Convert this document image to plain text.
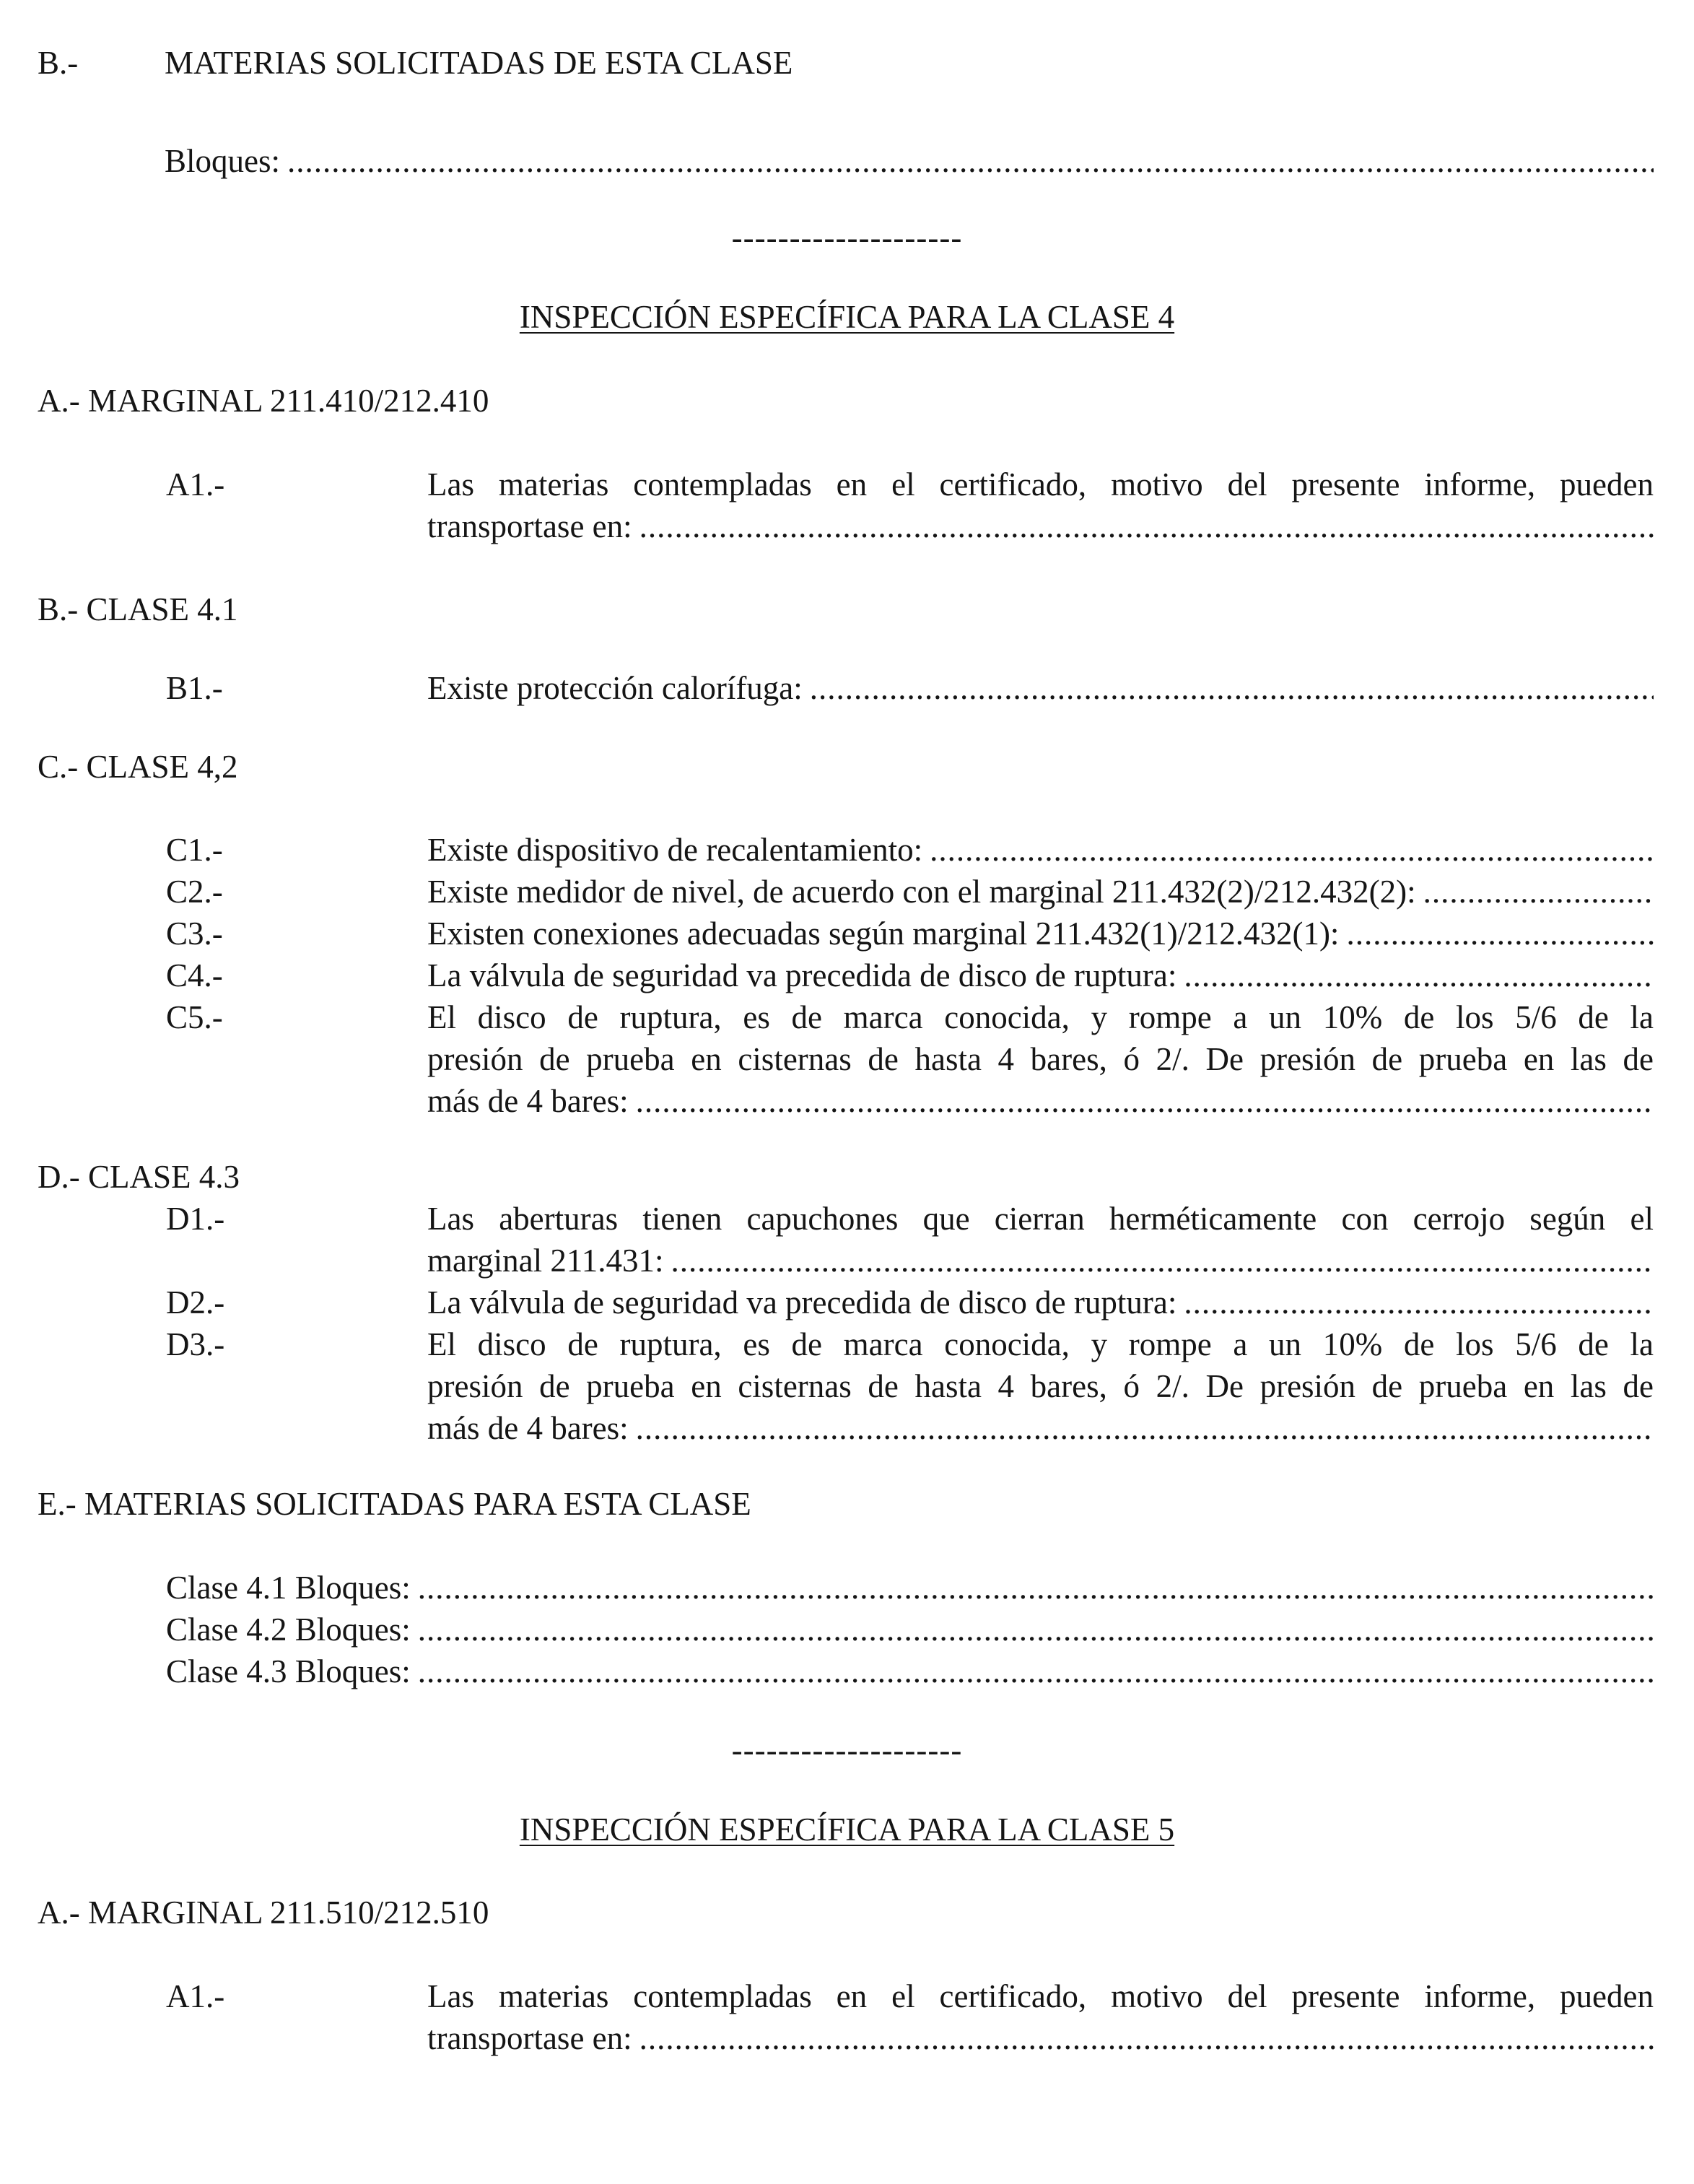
B.-	MATERIAS SOLICITADAS DE ESTA CLASE
Bloques:
.....
--------------------
INSPECCIÓN ESPECÍFICA PARA LA CLASE 4
A.- MARGINAL 211.410/212.410
A1.-	Las materias contempladas en el certificado, motivo del presente informe, pueden
transportase en:
.....
B.- CLASE 4.1
B1.-	Existe protección calorífuga:
.....
C.- CLASE 4,2
C1.-	Existe dispositivo de recalentamiento:
.....
C2.-	Existe medidor de nivel, de acuerdo con el marginal 211.432(2)/212.432(2):
.....
C3.-	Existen conexiones adecuadas según marginal 211.432(1)/212.432(1):
.....
C4.-	La válvula de seguridad va precedida de disco de ruptura:
.....
C5.-	El disco de ruptura, es de marca conocida, y rompe a un 10% de los 5/6 de la
presión de prueba en cisternas de hasta 4 bares, ó 2/. De presión de prueba en las de
más de 4 bares:
.....
D.- CLASE 4.3
D1.-	Las aberturas tienen capuchones que cierran herméticamente con cerrojo según el
marginal 211.431:
.....
D2.-	La válvula de seguridad va precedida de disco de ruptura:
.....
D3.-	El disco de ruptura, es de marca conocida, y rompe a un 10% de los 5/6 de la
presión de prueba en cisternas de hasta 4 bares, ó 2/. De presión de prueba en las de
más de 4 bares:
.....
E.- MATERIAS SOLICITADAS PARA ESTA CLASE
Clase 4.1 Bloques:
.....
Clase 4.2 Bloques:
.....
Clase 4.3 Bloques:
.....
--------------------
INSPECCIÓN ESPECÍFICA PARA LA CLASE 5
A.- MARGINAL 211.510/212.510
A1.-	Las materias contempladas en el certificado, motivo del presente informe, pueden
transportase en:
.....
